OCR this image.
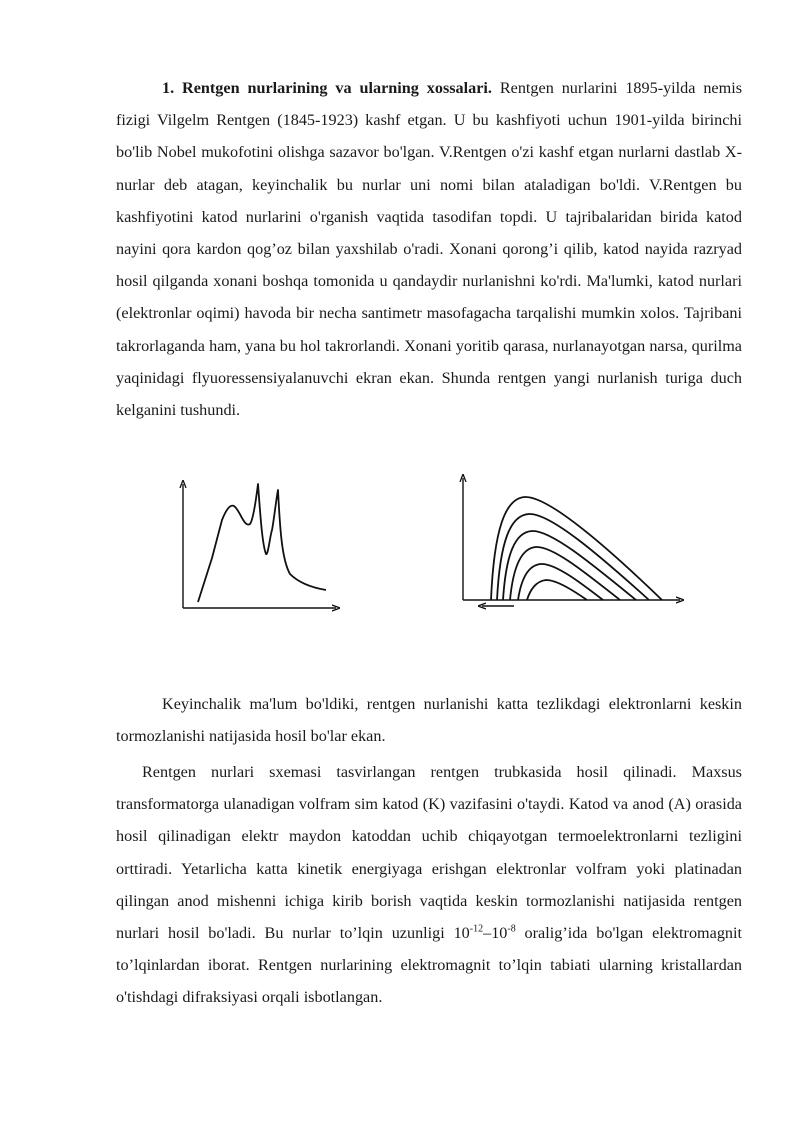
1. Rentgen nurlarining va ularning xossalari. Rentgen nurlarini 1895-yilda nemis fizigi Vilgelm Rentgen (1845-1923) kashf etgan. U bu kashfiyoti uchun 1901-yilda birinchi bo'lib Nobel mukofotini olishga sazavor bo'lgan. V.Rentgen o'zi kashf etgan nurlarni dastlab X-nurlar deb atagan, keyinchalik bu nurlar uni nomi bilan ataladigan bo'ldi. V.Rentgen bu kashfiyotini katod nurlarini o'rganish vaqtida tasodifan topdi. U tajribalaridan birida katod nayini qora kardon qog’oz bilan yaxshilab o'radi. Xonani qorong’i qilib, katod nayida razryad hosil qilganda xonani boshqa tomonida u qandaydir nurlanishni ko'rdi. Ma'lumki, katod nurlari (elektronlar oqimi) havoda bir necha santimetr masofagacha tarqalishi mumkin xolos. Tajribani takrorlaganda ham, yana bu hol takrorlandi. Xonani yoritib qarasa, nurlanayotgan narsa, qurilma yaqinidagi flyuoressensiyalanuvchi ekran ekan. Shunda rentgen yangi nurlanish turiga duch kelganini tushundi.

Keyinchalik ma'lum bo'ldiki, rentgen nurlanishi katta tezlikdagi elektronlarni keskin tormozlanishi natijasida hosil bo'lar ekan.

Rentgen nurlari sxemasi tasvirlangan rentgen trubkasida hosil qilinadi. Maxsus transformatorga ulanadigan volfram sim katod (K) vazifasini o'taydi. Katod va anod (A) orasida hosil qilinadigan elektr maydon katoddan uchib chiqayotgan termoelektronlarni tezligini orttiradi. Yetarlicha katta kinetik energiyaga erishgan elektronlar volfram yoki platinadan qilingan anod mishenni ichiga kirib borish vaqtida keskin tormozlanishi natijasida rentgen nurlari hosil bo'ladi. Bu nurlar to’lqin uzunligi $10^{-12}-10^{-8}$ oralig’ida bo'lgan elektromagnit to’lqinlardan iborat. Rentgen nurlarining elektromagnit to’lqin tabiati ularning kristallardan o'tishdagi difraksiyasi orqali isbotlangan.
